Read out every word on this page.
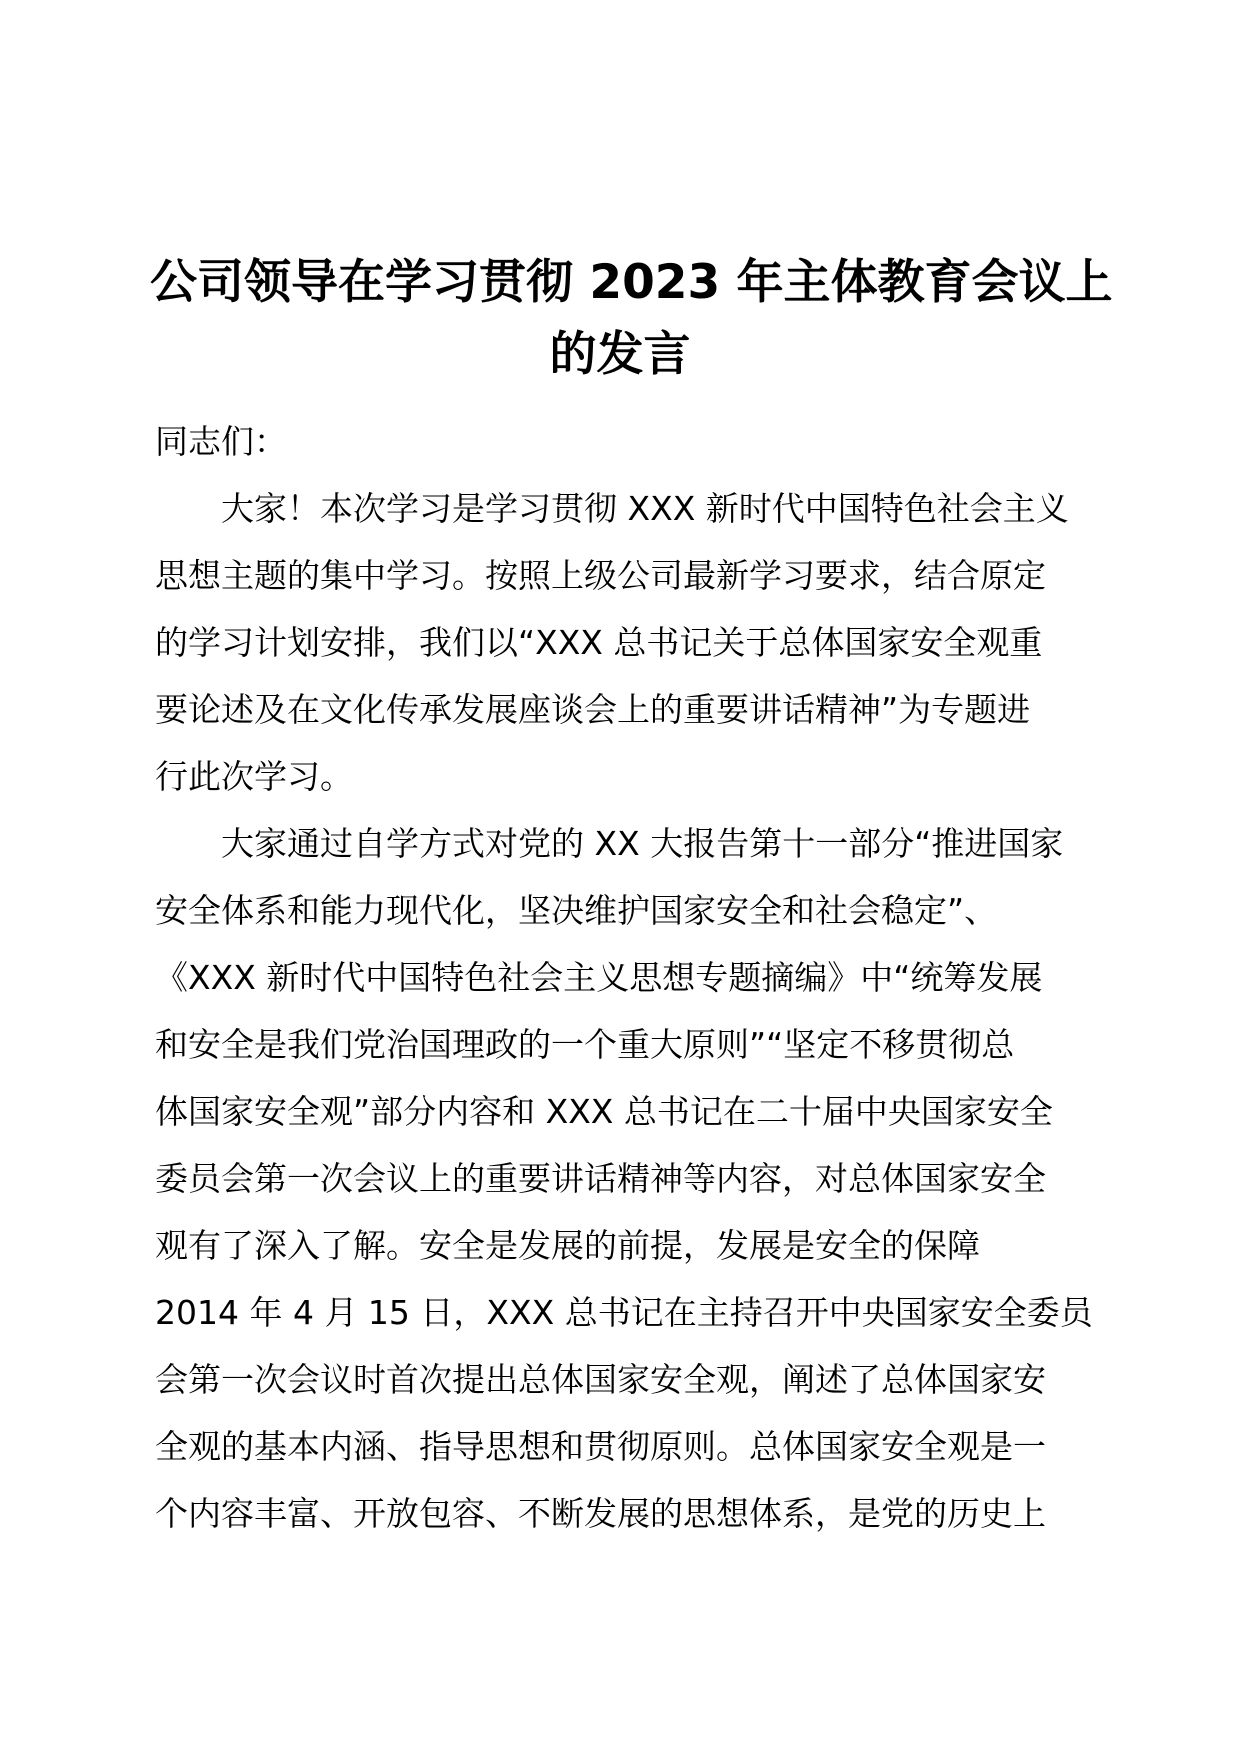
公司领导在学习贯彻 2023 年主体教育会议上
的发言

同志们：

大家！本次学习是学习贯彻 XXX 新时代中国特色社会主义
思想主题的集中学习。按照上级公司最新学习要求，结合原定
的学习计划安排，我们以“XXX 总书记关于总体国家安全观重
要论述及在文化传承发展座谈会上的重要讲话精神”为专题进
行此次学习。

大家通过自学方式对党的 XX 大报告第十一部分“推进国家
安全体系和能力现代化，坚决维护国家安全和社会稳定”、
《XXX 新时代中国特色社会主义思想专题摘编》中“统筹发展
和安全是我们党治国理政的一个重大原则”“坚定不移贯彻总
体国家安全观”部分内容和 XXX 总书记在二十届中央国家安全
委员会第一次会议上的重要讲话精神等内容，对总体国家安全
观有了深入了解。安全是发展的前提，发展是安全的保障
2014 年 4 月 15 日，XXX 总书记在主持召开中央国家安全委员
会第一次会议时首次提出总体国家安全观，阐述了总体国家安
全观的基本内涵、指导思想和贯彻原则。总体国家安全观是一
个内容丰富、开放包容、不断发展的思想体系，是党的历史上
